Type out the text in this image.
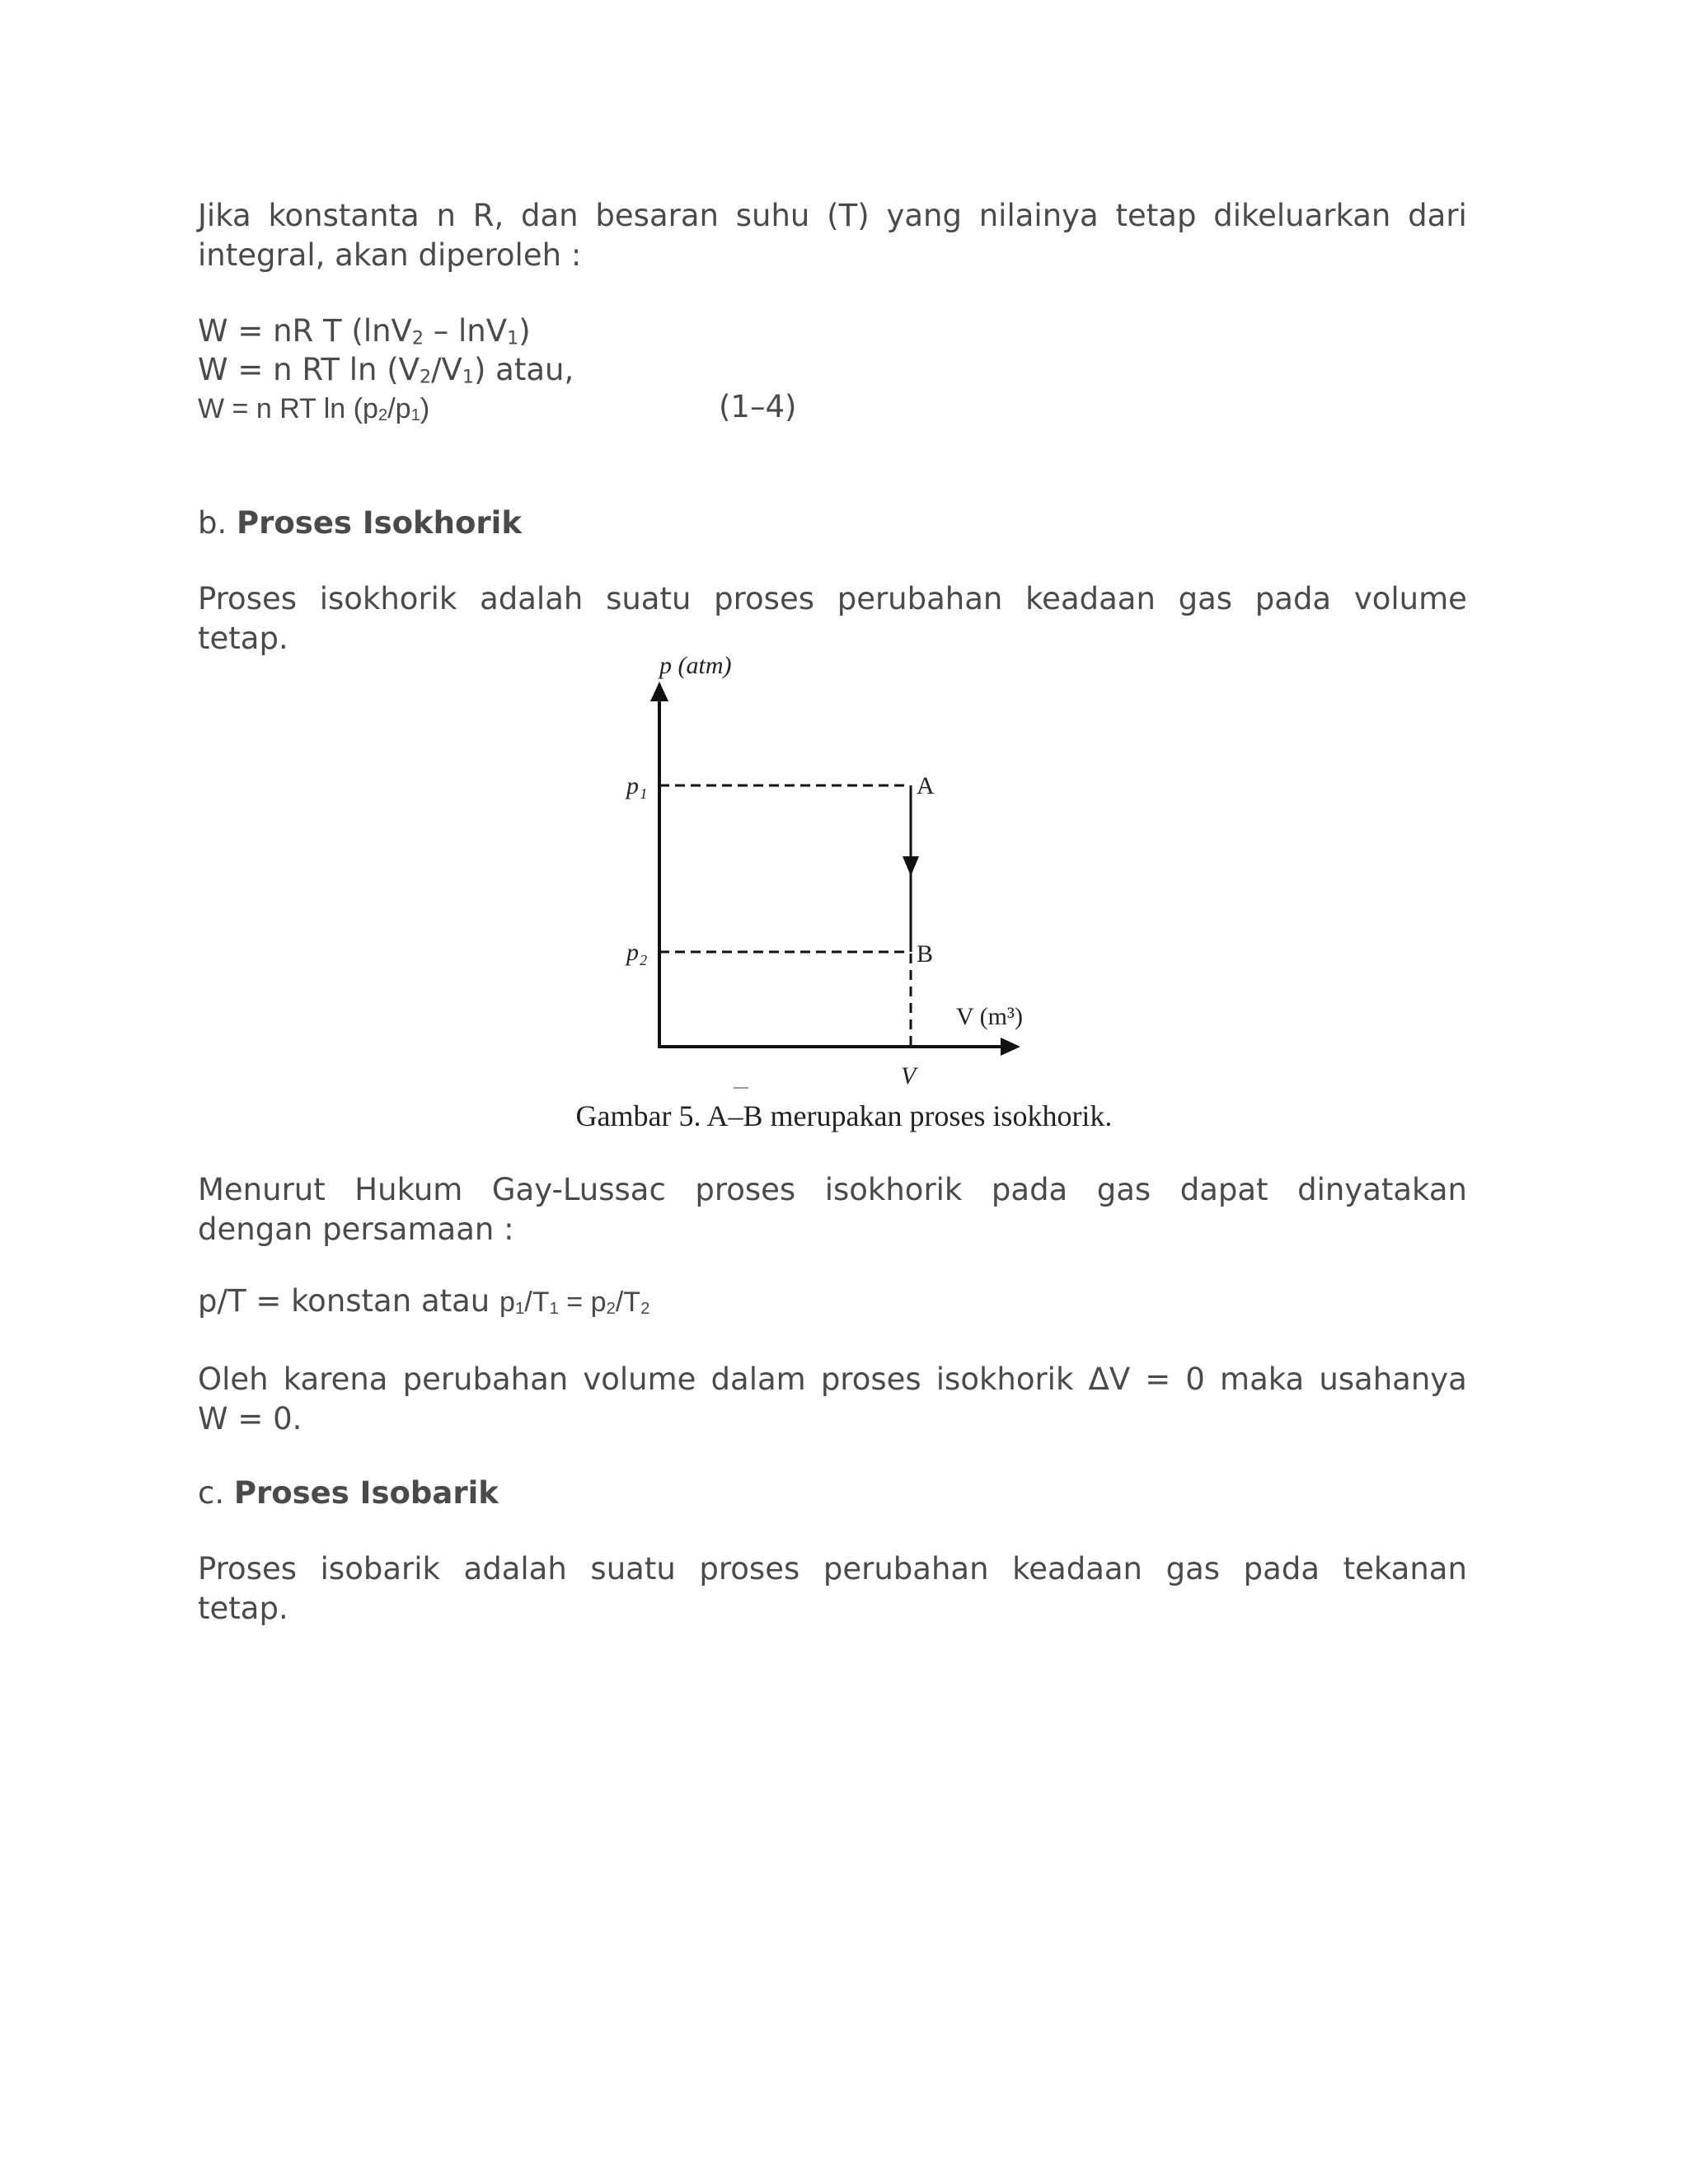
Jika konstanta n R, dan besaran suhu (T) yang nilainya tetap dikeluarkan dari
integral, akan diperoleh :
W = nR T (lnV$_2$ – lnV$_1$)
W = n RT $\ln (V_2/V_1)$ atau,
W = n RT $\ln (p_2/p_1)$	(1–4)
b. Proses Isokhorik
Proses isokhorik adalah suatu proses perubahan keadaan gas pada volume
tetap.
p (atm)
p₁
p₂
A
B
V (m³)
V
Gambar 5. A–B merupakan proses isokhorik.
Menurut Hukum Gay-Lussac proses isokhorik pada gas dapat dinyatakan
dengan persamaan :
p/T = konstan atau $p_1/T_1 = p_2/T_2$
Oleh karena perubahan volume dalam proses isokhorik ΔV = 0 maka usahanya
W = 0.
c. Proses Isobarik
Proses isobarik adalah suatu proses perubahan keadaan gas pada tekanan
tetap.
